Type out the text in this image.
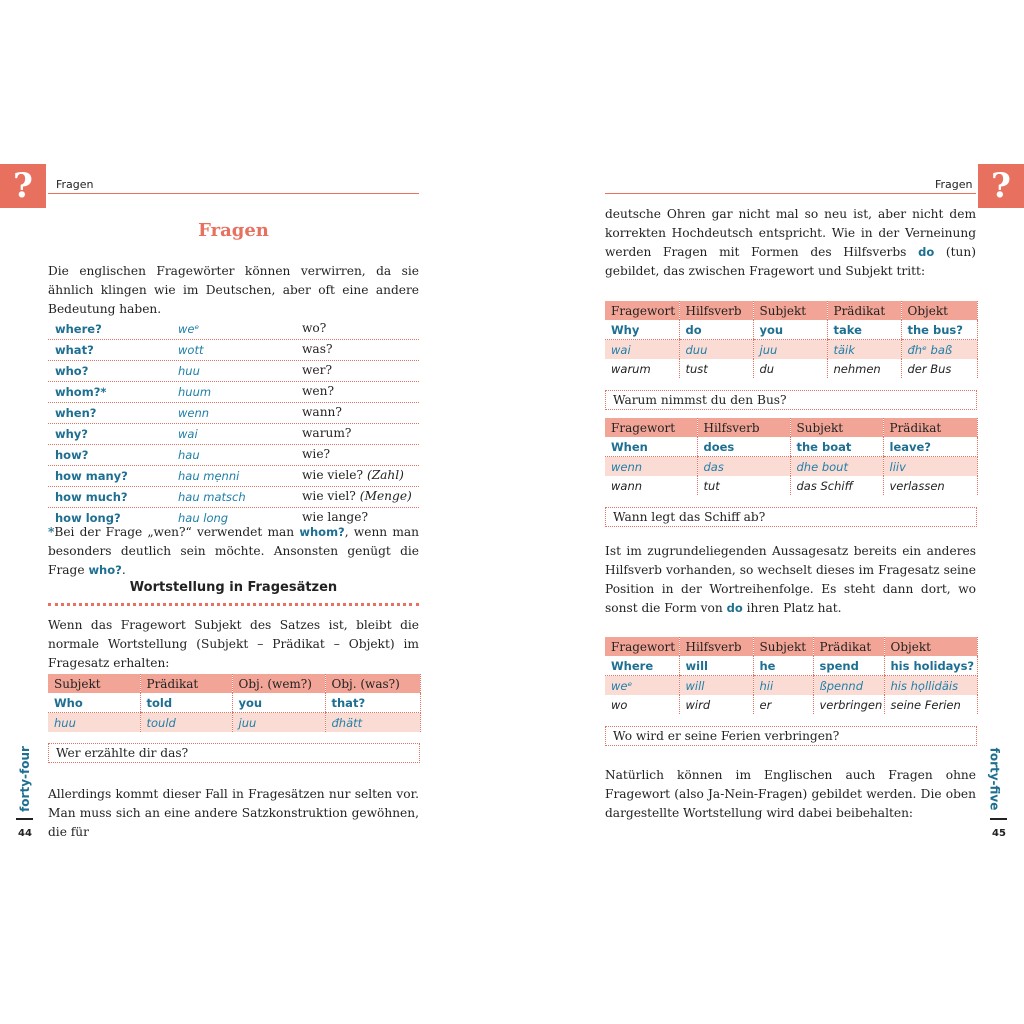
?	Fragen
Fragen
Die englischen Fragewörter können verwirren, da sie ähnlich klingen wie im Deutschen, aber oft eine andere Bedeutung haben.
where?	weᵉ	wo?
what?	wott	was?
who?	huu	wer?
whom?*	huum	wen?
when?	wenn	wann?
why?	wai	warum?
how?	hau	wie?
how many?	hau mẹnni	wie viele? (Zahl)
how much?	hau matsch	wie viel? (Menge)
how long?	hau long	wie lange?
*Bei der Frage „wen?“ verwendet man whom?, wenn man besonders deutlich sein möchte. Ansonsten genügt die Frage who?.
Wortstellung in Fragesätzen
Wenn das Fragewort Subjekt des Satzes ist, bleibt die normale Wortstellung (Subjekt – Prädikat – Objekt) im Fragesatz erhalten:
Subjekt	Prädikat	Obj. (wem?)	Obj. (was?)
Who	told	you	that?
huu	tould	juu	đhätt
Wer erzählte dir das?
Allerdings kommt dieser Fall in Fragesätzen nur selten vor. Man muss sich an eine andere Satzkonstruktion gewöhnen, die für
forty-four
44
?
Fragen
deutsche Ohren gar nicht mal so neu ist, aber nicht dem korrekten Hochdeutsch entspricht. Wie in der Verneinung werden Fragen mit Formen des Hilfsverbs do (tun) gebildet, das zwischen Fragewort und Subjekt tritt:
Fragewort	Hilfsverb	Subjekt	Prädikat	Objekt
Why	do	you	take	the bus?
wai	duu	juu	täik	đhᵉ baß
warum	tust	du	nehmen	der Bus
Warum nimmst du den Bus?
Fragewort	Hilfsverb	Subjekt	Prädikat
When	does	the boat	leave?
wenn	das	dhe bout	liiv
wann	tut	das Schiff	verlassen
Wann legt das Schiff ab?
Ist im zugrundeliegenden Aussagesatz bereits ein anderes Hilfsverb vorhanden, so wechselt dieses im Fragesatz seine Position in der Wortreihenfolge. Es steht dann dort, wo sonst die Form von do ihren Platz hat.
Fragewort	Hilfsverb	Subjekt	Prädikat	Objekt
Where	will	he	spend	his holidays?
weᵉ	will	hii	ßpennd	his họllidäis
wo	wird	er	verbringen	seine Ferien
Wo wird er seine Ferien verbringen?
Natürlich können im Englischen auch Fragen ohne Fragewort (also Ja-Nein-Fragen) gebildet werden. Die oben dargestellte Wortstellung wird dabei beibehalten:
forty-five
45
